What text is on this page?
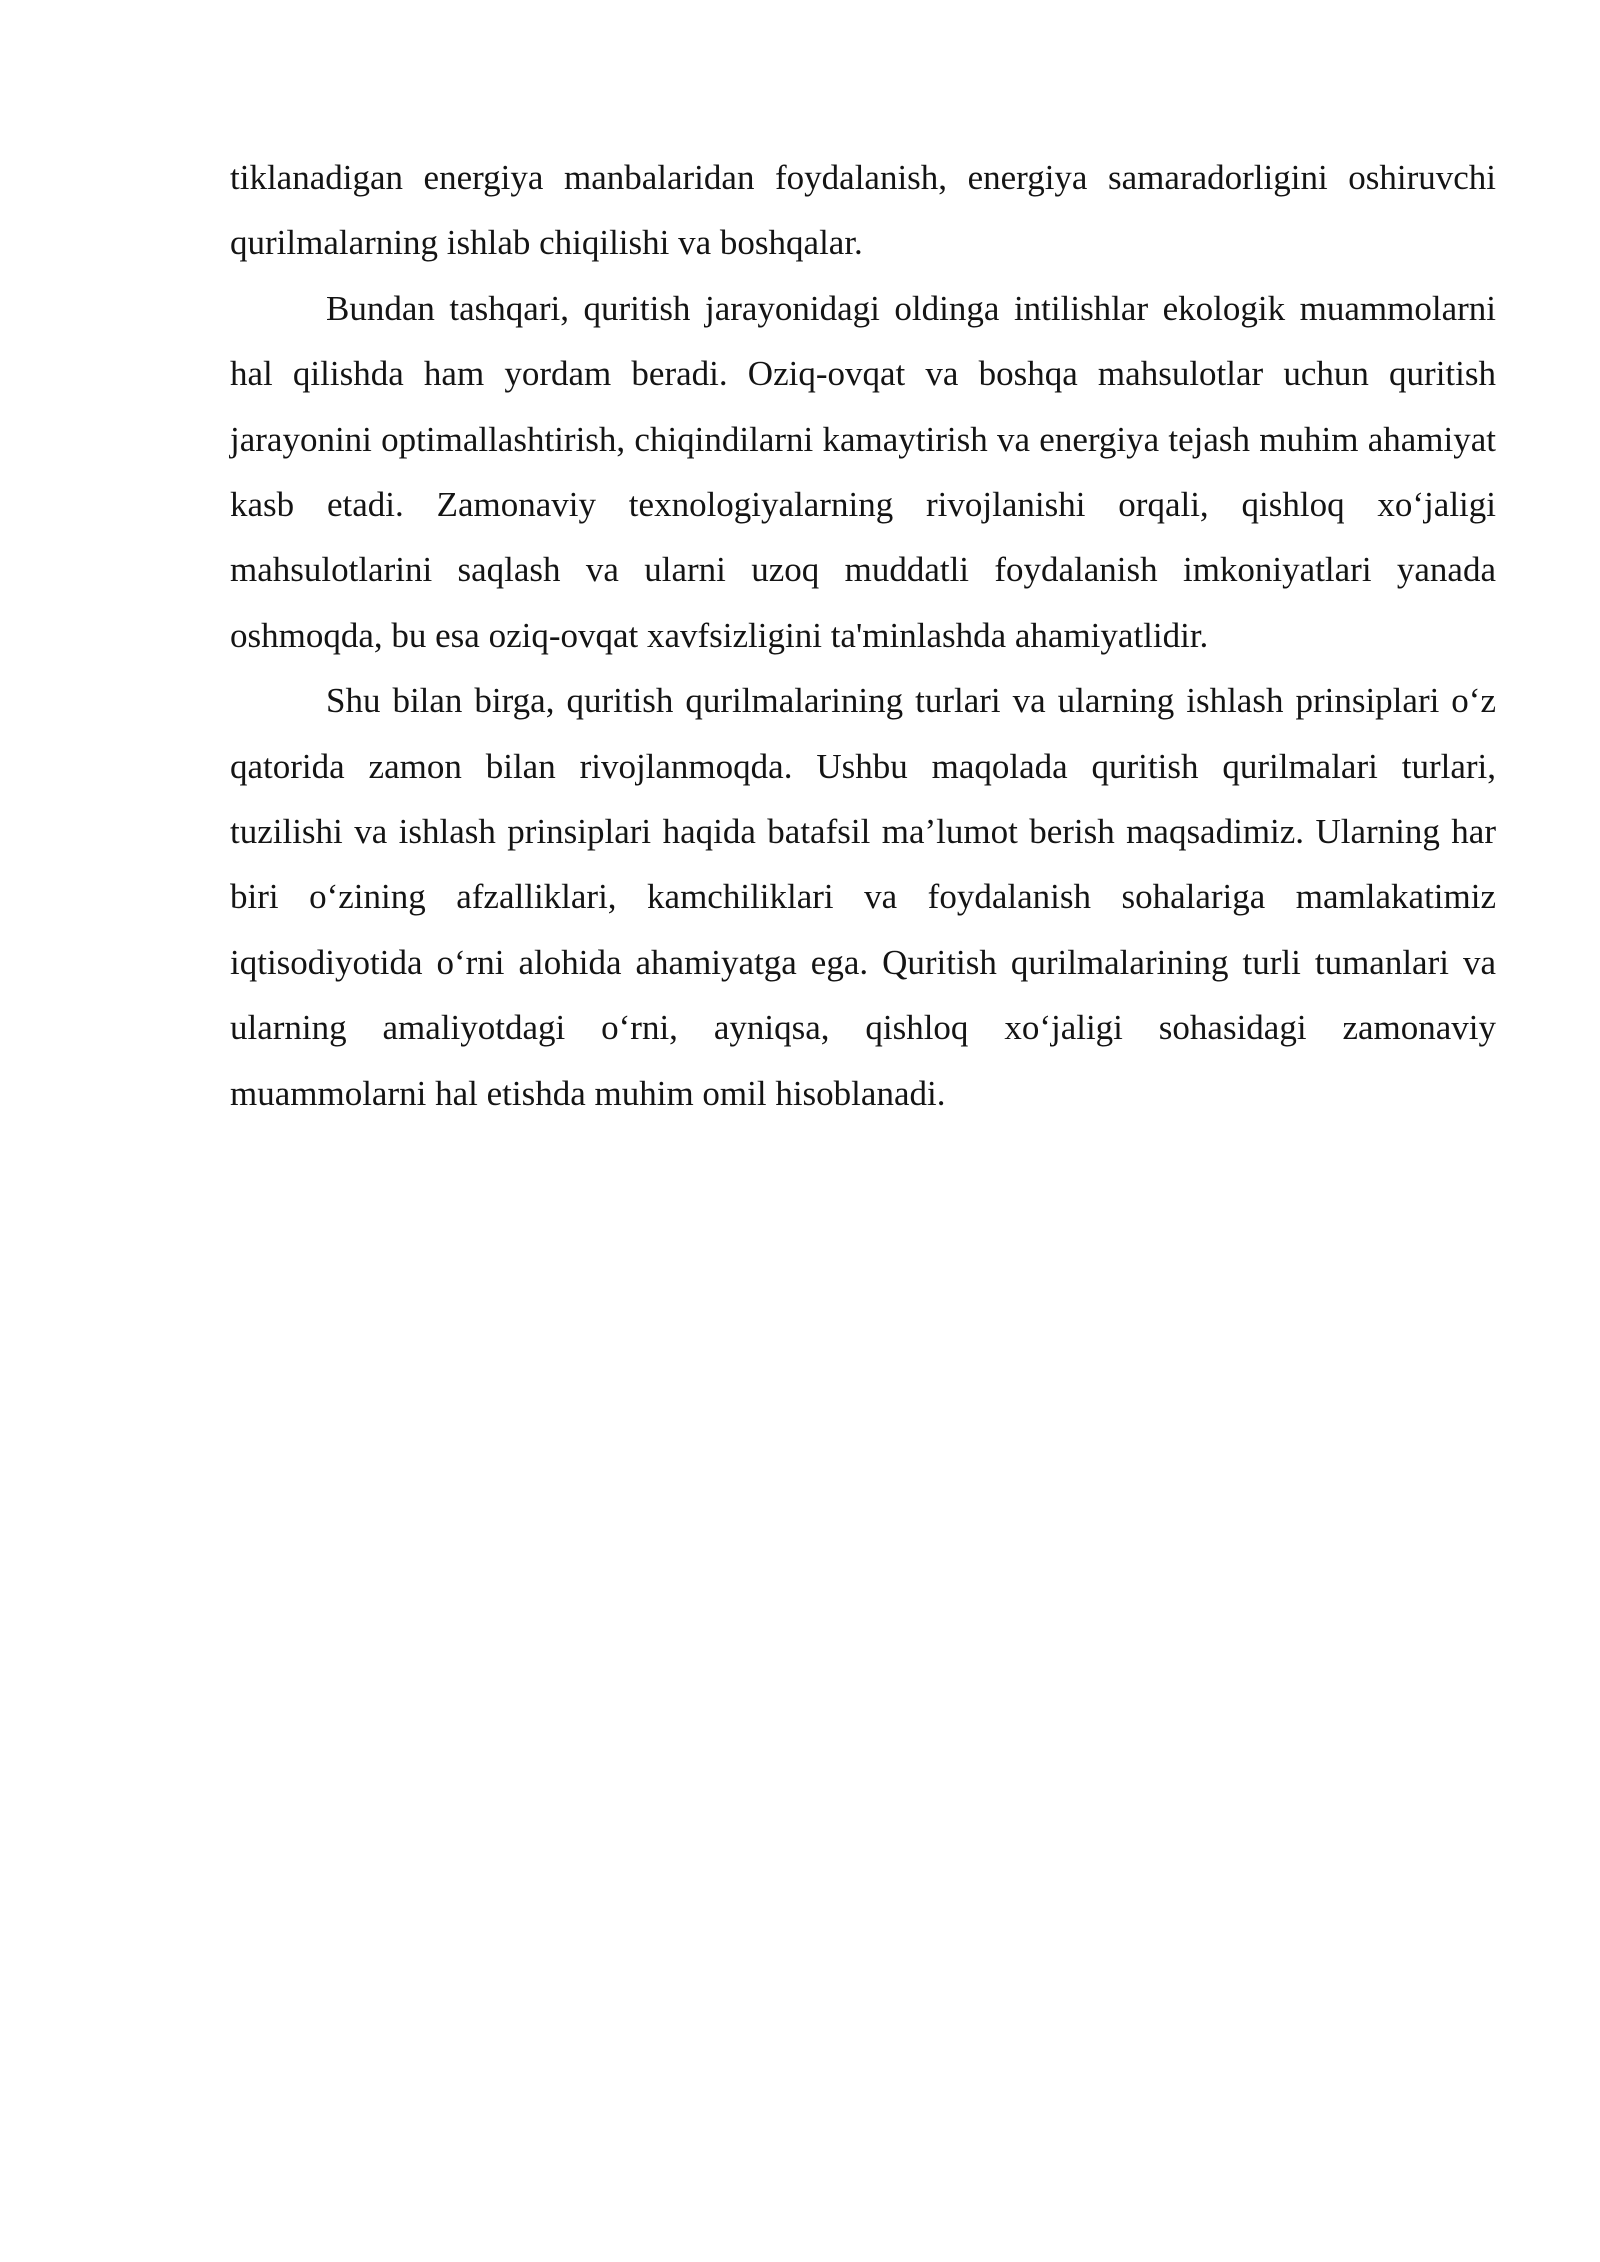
tiklanadigan energiya manbalaridan foydalanish, energiya samaradorligini oshiruvchi qurilmalarning ishlab chiqilishi va boshqalar.

Bundan tashqari, quritish jarayonidagi oldinga intilishlar ekologik muammolarni hal qilishda ham yordam beradi. Oziq-ovqat va boshqa mahsulotlar uchun quritish jarayonini optimallashtirish, chiqindilarni kamaytirish va energiya tejash muhim ahamiyat kasb etadi. Zamonaviy texnologiyalarning rivojlanishi orqali, qishloq xo‘jaligi mahsulotlarini saqlash va ularni uzoq muddatli foydalanish imkoniyatlari yanada oshmoqda, bu esa oziq-ovqat xavfsizligini ta'minlashda ahamiyatlidir.

Shu bilan birga, quritish qurilmalarining turlari va ularning ishlash prinsiplari o‘z qatorida zamon bilan rivojlanmoqda. Ushbu maqolada quritish qurilmalari turlari, tuzilishi va ishlash prinsiplari haqida batafsil ma’lumot berish maqsadimiz. Ularning har biri o‘zining afzalliklari, kamchiliklari va foydalanish sohalariga mamlakatimiz iqtisodiyotida o‘rni alohida ahamiyatga ega. Quritish qurilmalarining turli tumanlari va ularning amaliyotdagi o‘rni, ayniqsa, qishloq xo‘jaligi sohasidagi zamonaviy muammolarni hal etishda muhim omil hisoblanadi.
